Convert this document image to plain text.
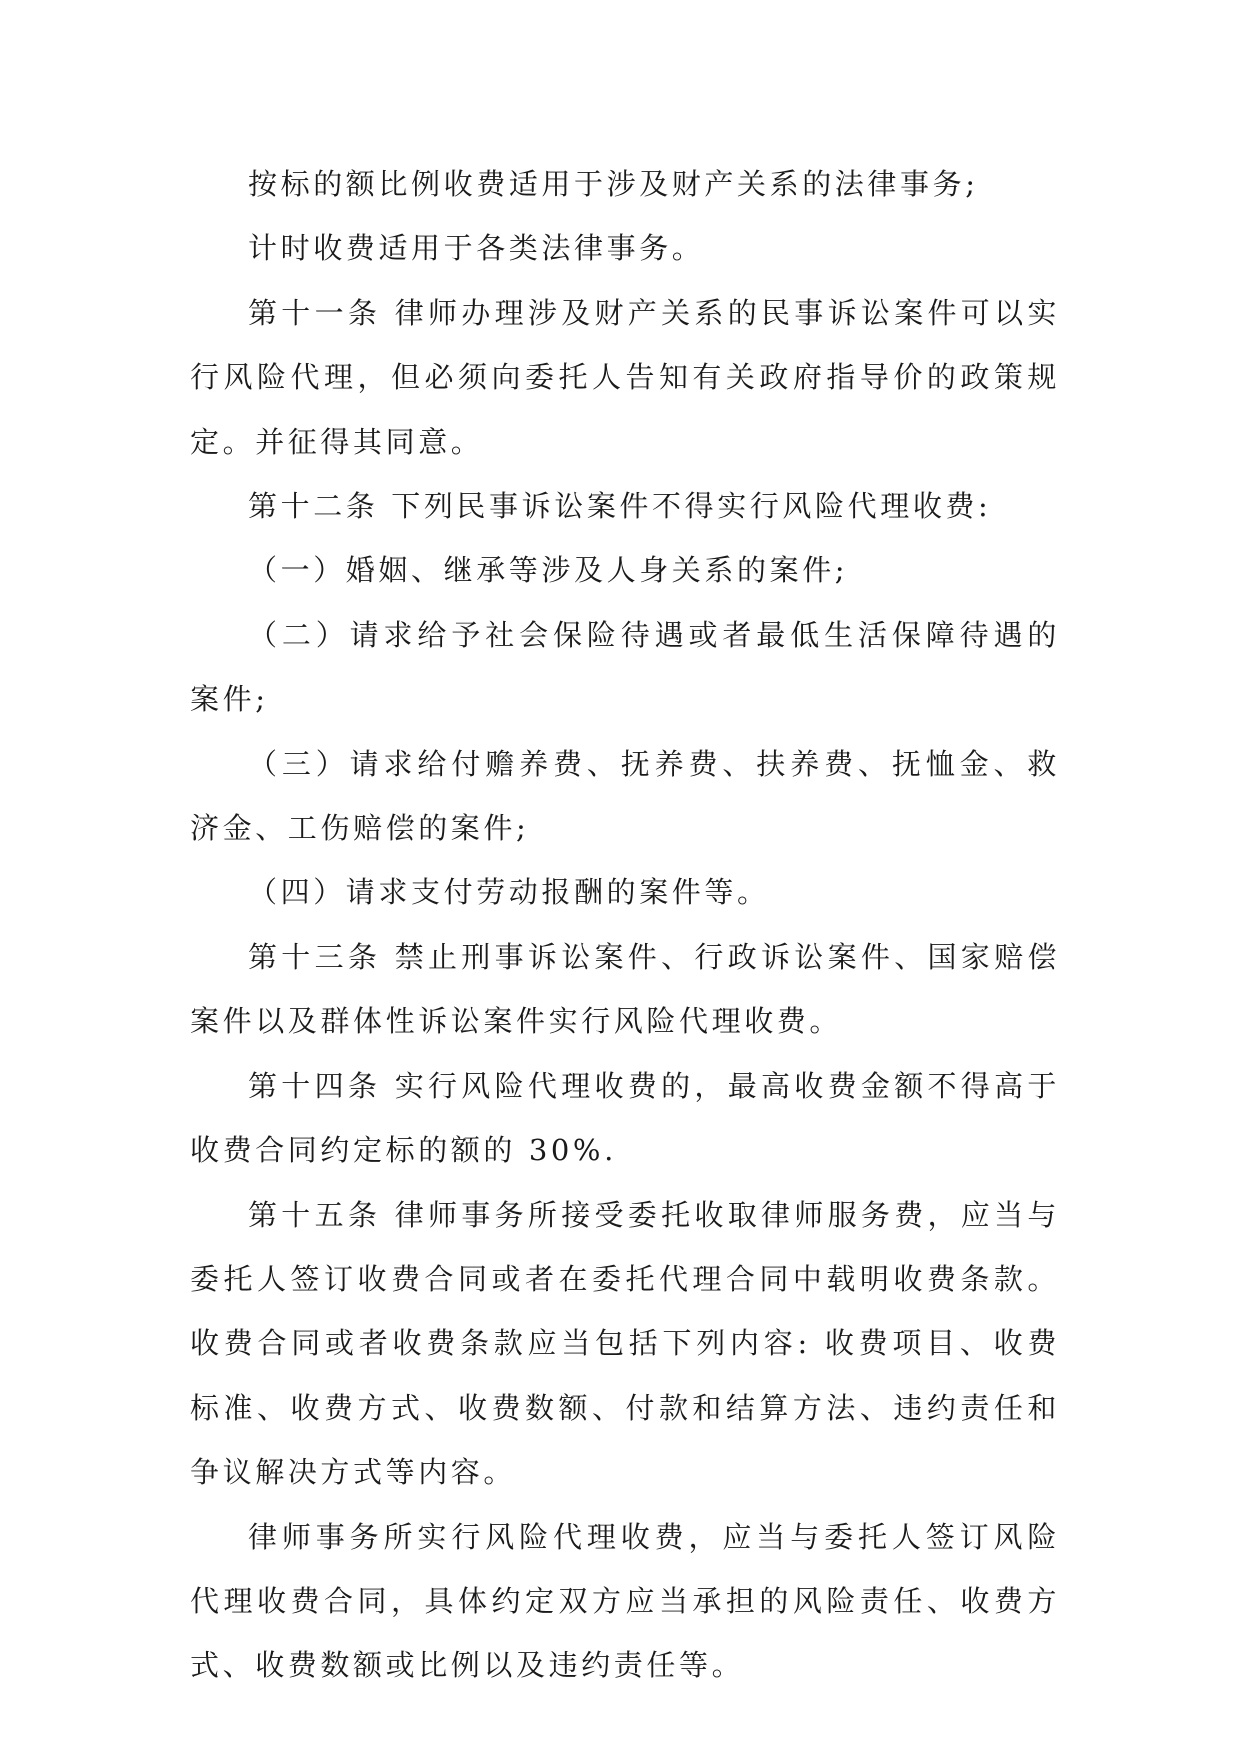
按标的额比例收费适用于涉及财产关系的法律事务;

计时收费适用于各类法律事务。

第十一条 律师办理涉及财产关系的民事诉讼案件可以实行风险代理，但必须向委托人告知有关政府指导价的政策规定。并征得其同意。

第十二条 下列民事诉讼案件不得实行风险代理收费:

（一）婚姻、继承等涉及人身关系的案件;

（二）请求给予社会保险待遇或者最低生活保障待遇的案件;

（三）请求给付赡养费、抚养费、扶养费、抚恤金、救济金、工伤赔偿的案件;

（四）请求支付劳动报酬的案件等。

第十三条 禁止刑事诉讼案件、行政诉讼案件、国家赔偿案件以及群体性诉讼案件实行风险代理收费。

第十四条 实行风险代理收费的，最高收费金额不得高于收费合同约定标的额的 30%.

第十五条 律师事务所接受委托收取律师服务费，应当与委托人签订收费合同或者在委托代理合同中载明收费条款。收费合同或者收费条款应当包括下列内容: 收费项目、收费标准、收费方式、收费数额、付款和结算方法、违约责任和争议解决方式等内容。

律师事务所实行风险代理收费，应当与委托人签订风险代理收费合同，具体约定双方应当承担的风险责任、收费方式、收费数额或比例以及违约责任等。
